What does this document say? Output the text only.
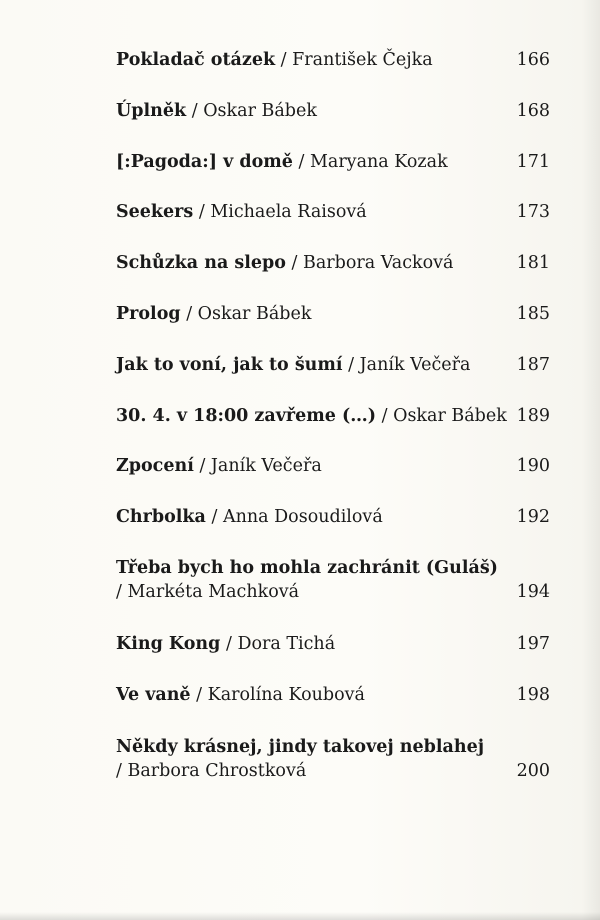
Pokladač otázek / František Čejka	166
Úplněk / Oskar Bábek	168
[:Pagoda:] v domě / Maryana Kozak	171
Seekers / Michaela Raisová	173
Schůzka na slepo / Barbora Vacková	181
Prolog / Oskar Bábek	185
Jak to voní, jak to šumí / Janík Večeřa	187
30. 4. v 18:00 zavřeme (…) / Oskar Bábek 189
Zpocení / Janík Večeřa	190
Chrbolka / Anna Dosoudilová	192
Třeba bych ho mohla zachránit (Guláš)
/ Markéta Machková	194
King Kong / Dora Tichá	197
Ve vaně / Karolína Koubová	198
Někdy krásnej, jindy takovej neblahej
/ Barbora Chrostková	200
